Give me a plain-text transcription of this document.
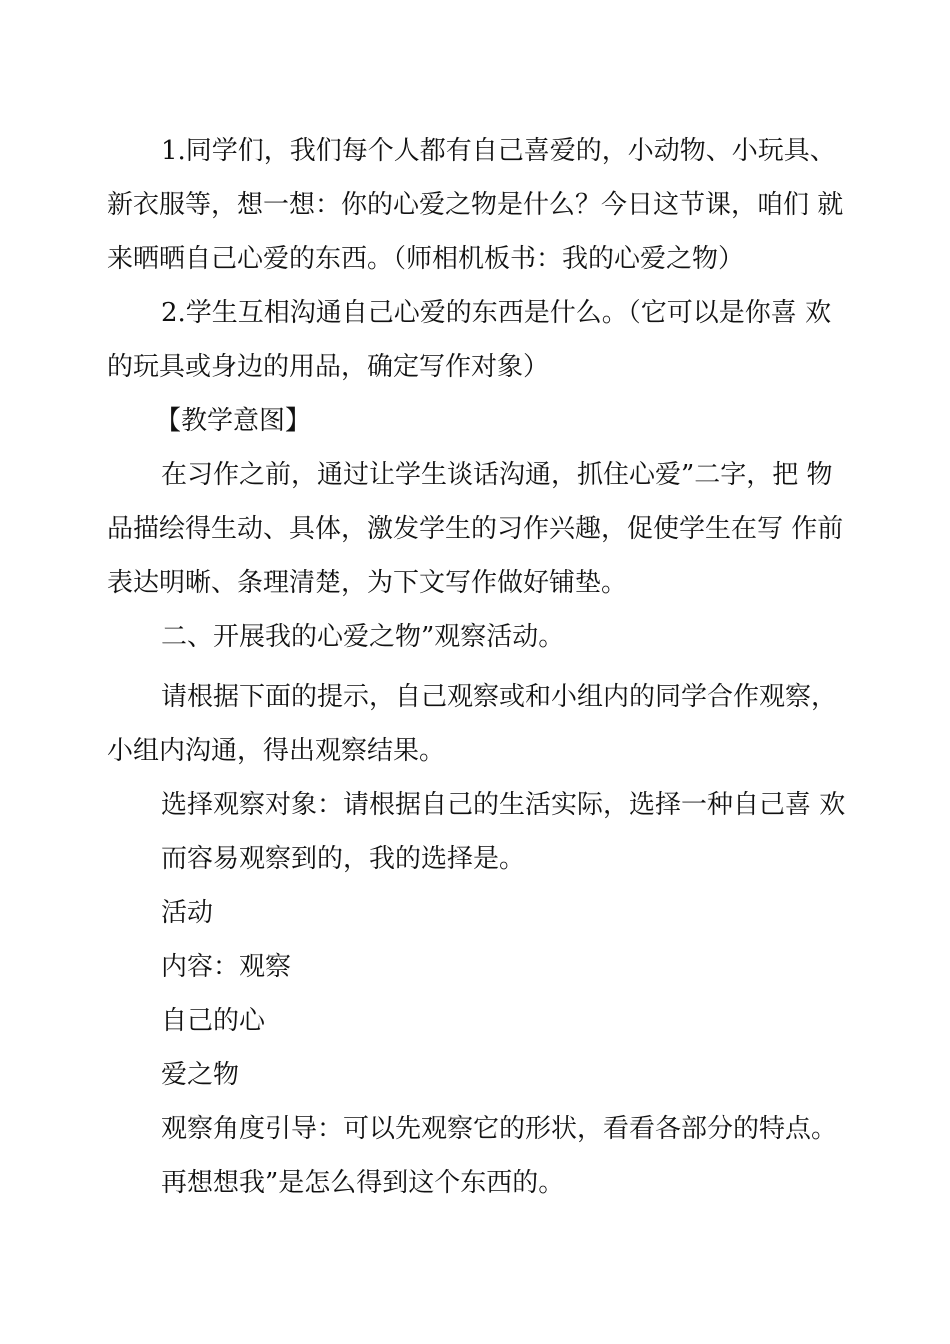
1.同学们，我们每个人都有自己喜爱的，小动物、小玩具、

新衣服等，想一想：你的心爱之物是什么？今日这节课，咱们 就

来晒晒自己心爱的东西。（师相机板书：我的心爱之物）

2.学生互相沟通自己心爱的东西是什么。（它可以是你喜 欢

的玩具或身边的用品，确定写作对象）

【教学意图】

在习作之前，通过让学生谈话沟通，抓住心爱”二字，把 物

品描绘得生动、具体，激发学生的习作兴趣，促使学生在写 作前

表达明晰、条理清楚，为下文写作做好铺垫。

二、开展我的心爱之物”观察活动。

请根据下面的提示，自己观察或和小组内的同学合作观察，

小组内沟通，得出观察结果。

选择观察对象：请根据自己的生活实际，选择一种自己喜 欢

而容易观察到的，我的选择是。

活动

内容：观察

自己的心

爱之物

观察角度引导：可以先观察它的形状，看看各部分的特点。

再想想我”是怎么得到这个东西的。
